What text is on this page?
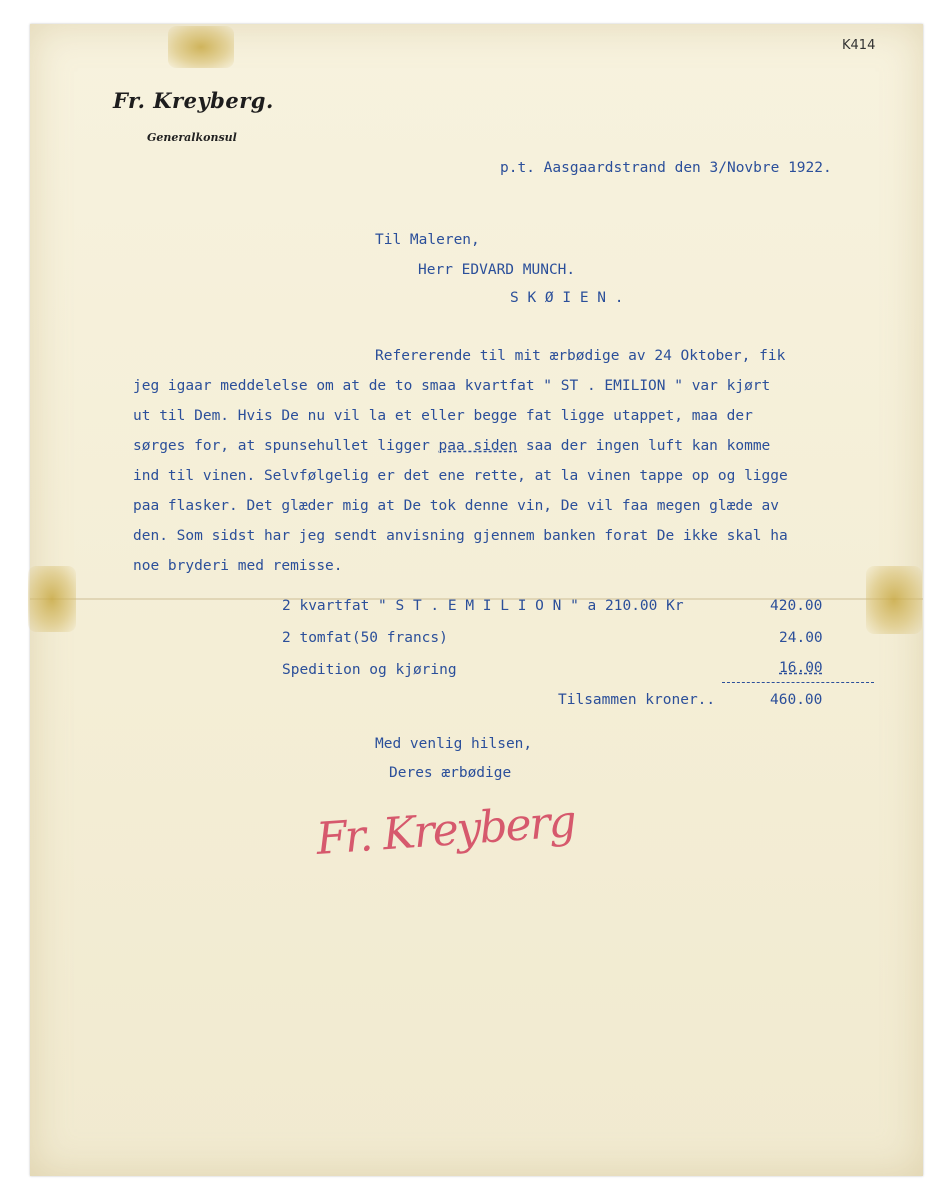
K414
Fr. Kreyberg.
Generalkonsul
p.t. Aasgaardstrand den 3/Novbre 1922.
Til Maleren,
Herr EDVARD MUNCH.
S K Ø I E N .
Refererende til mit ærbødige av 24 Oktober, fik
jeg igaar meddelelse om at de to smaa kvartfat " ST . EMILION " var kjørt
ut til Dem. Hvis De nu vil la et eller begge fat ligge utappet, maa der
sørges for, at spunsehullet ligger paa siden saa der ingen luft kan komme
ind til vinen. Selvfølgelig er det ene rette, at la vinen tappe op og ligge
paa flasker. Det glæder mig at De tok denne vin, De vil faa megen glæde av
den. Som sidst har jeg sendt anvisning gjennem banken forat De ikke skal ha
noe bryderi med remisse.
2 kvartfat " S T . E M I L I O N " a 210.00 Kr	420.00
2 tomfat(50 francs)	24.00
Spedition og kjøring	16.00
Tilsammen kroner..	460.00
Med venlig hilsen,
Deres ærbødige
Fr. Kreyberg
